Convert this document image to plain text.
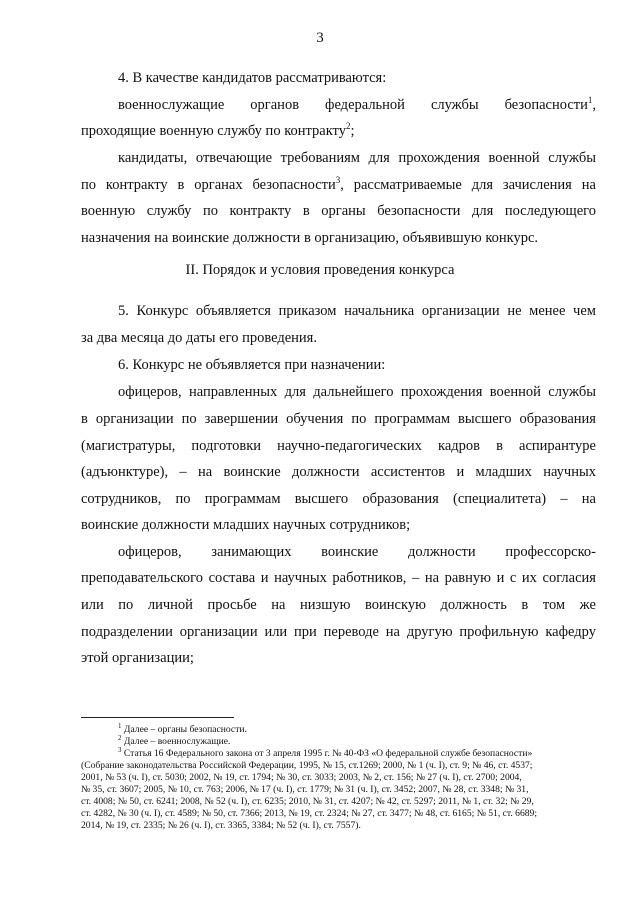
3
4. В качестве кандидатов рассматриваются:
военнослужащие органов федеральной службы безопасности$^1$,
проходящие военную службу по контракту$^2$;
кандидаты, отвечающие требованиям для прохождения военной службы
по контракту в органах безопасности$^3$, рассматриваемые для зачисления на
военную службу по контракту в органы безопасности для последующего
назначения на воинские должности в организацию, объявившую конкурс.
II. Порядок и условия проведения конкурса
5. Конкурс объявляется приказом начальника организации не менее чем
за два месяца до даты его проведения.
6. Конкурс не объявляется при назначении:
офицеров, направленных для дальнейшего прохождения военной службы
в организации по завершении обучения по программам высшего образования
(магистратуры, подготовки научно-педагогических кадров в аспирантуре
(адъюнктуре), – на воинские должности ассистентов и младших научных
сотрудников, по программам высшего образования (специалитета) – на
воинские должности младших научных сотрудников;
офицеров, занимающих воинские должности профессорско-
преподавательского состава и научных работников, – на равную и с их согласия
или по личной просьбе на низшую воинскую должность в том же
подразделении организации или при переводе на другую профильную кафедру
этой организации;
$^1$ Далее – органы безопасности.
$^2$ Далее – военнослужащие.
$^3$ Статья 16 Федерального закона от 3 апреля 1995 г. № 40-ФЗ «О федеральной службе безопасности»
(Собрание законодательства Российской Федерации, 1995, № 15, ст.1269; 2000, № 1 (ч. I), ст. 9; № 46, ст. 4537;
2001, № 53 (ч. I), ст. 5030; 2002, № 19, ст. 1794; № 30, ст. 3033; 2003, № 2, ст. 156; № 27 (ч. I), ст. 2700; 2004,
№ 35, ст. 3607; 2005, № 10, ст. 763; 2006, № 17 (ч. I), ст. 1779; № 31 (ч. I), ст. 3452; 2007, № 28, ст. 3348; № 31,
ст. 4008; № 50, ст. 6241; 2008, № 52 (ч. I), ст. 6235; 2010, № 31, ст. 4207; № 42, ст. 5297; 2011, № 1, ст. 32; № 29,
ст. 4282, № 30 (ч. I), ст. 4589; № 50, ст. 7366; 2013, № 19, ст. 2324; № 27, ст. 3477; № 48, ст. 6165; № 51, ст. 6689;
2014, № 19, ст. 2335; № 26 (ч. I), ст. 3365, 3384; № 52 (ч. I), ст. 7557).
